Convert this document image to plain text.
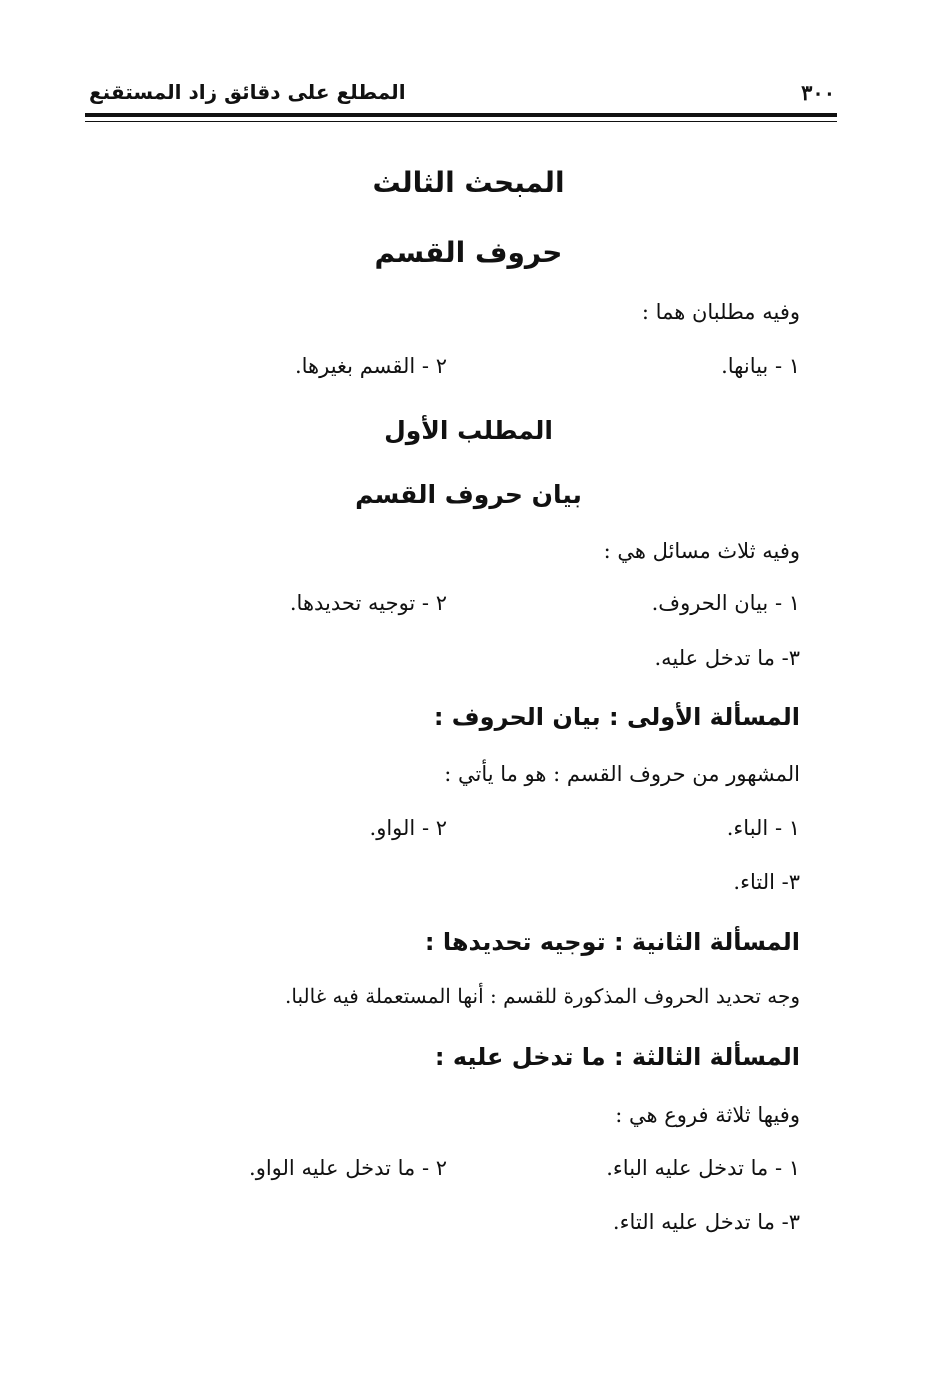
٣٠٠
المطلع على دقائق زاد المستقنع
المبحث الثالث
حروف القسم
وفيه مطلبان هما :
١ - بيانها.
٢ - القسم بغيرها.
المطلب الأول
بيان حروف القسم
وفيه ثلاث مسائل هي :
١ - بيان الحروف.
٢ - توجيه تحديدها.
٣- ما تدخل عليه.
المسألة الأولى : بيان الحروف :
المشهور من حروف القسم : هو ما يأتي :
١ - الباء.
٢ - الواو.
٣- التاء.
المسألة الثانية : توجيه تحديدها :
وجه تحديد الحروف المذكورة للقسم : أنها المستعملة فيه غالبا.
المسألة الثالثة : ما تدخل عليه :
وفيها ثلاثة فروع هي :
١ - ما تدخل عليه الباء.
٢ - ما تدخل عليه الواو.
٣- ما تدخل عليه التاء.
